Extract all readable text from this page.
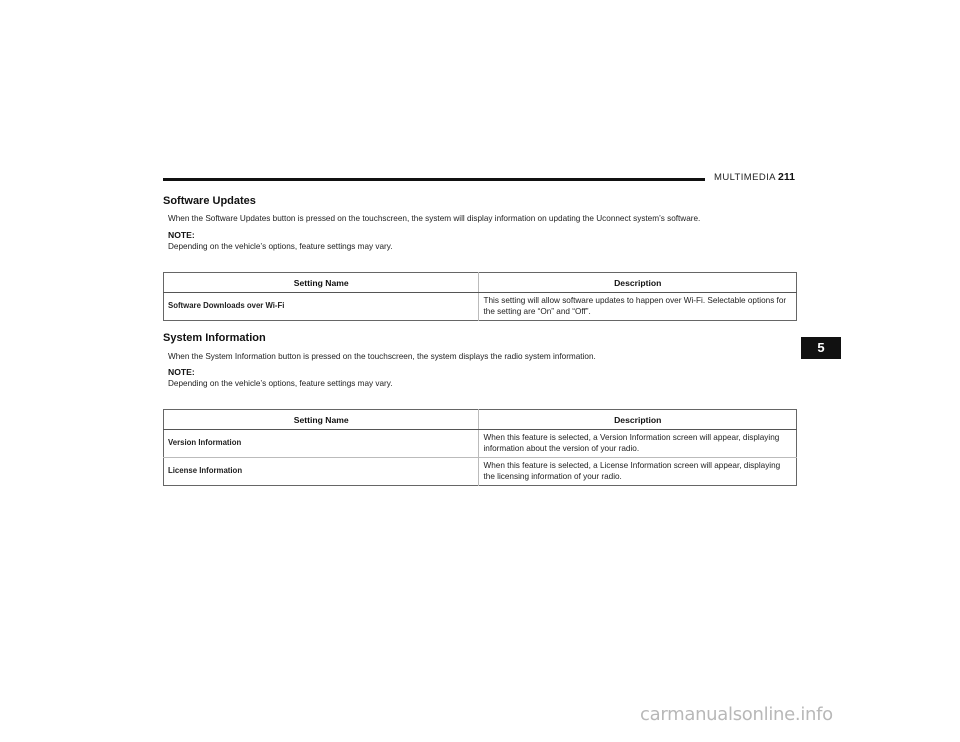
MULTIMEDIA 211
5
Software Updates
When the Software Updates button is pressed on the touchscreen, the system will display information on updating the Uconnect system’s software.
NOTE:
Depending on the vehicle’s options, feature settings may vary.
Setting Name	Description
Software Downloads over Wi-Fi	This setting will allow software updates to happen over Wi-Fi. Selectable options for the setting are “On” and “Off”.
System Information
When the System Information button is pressed on the touchscreen, the system displays the radio system information.
NOTE:
Depending on the vehicle’s options, feature settings may vary.
Setting Name	Description
Version Information	When this feature is selected, a Version Information screen will appear, displaying information about the version of your radio.
License Information	When this feature is selected, a License Information screen will appear, displaying the licensing information of your radio.
carmanualsonline.info
